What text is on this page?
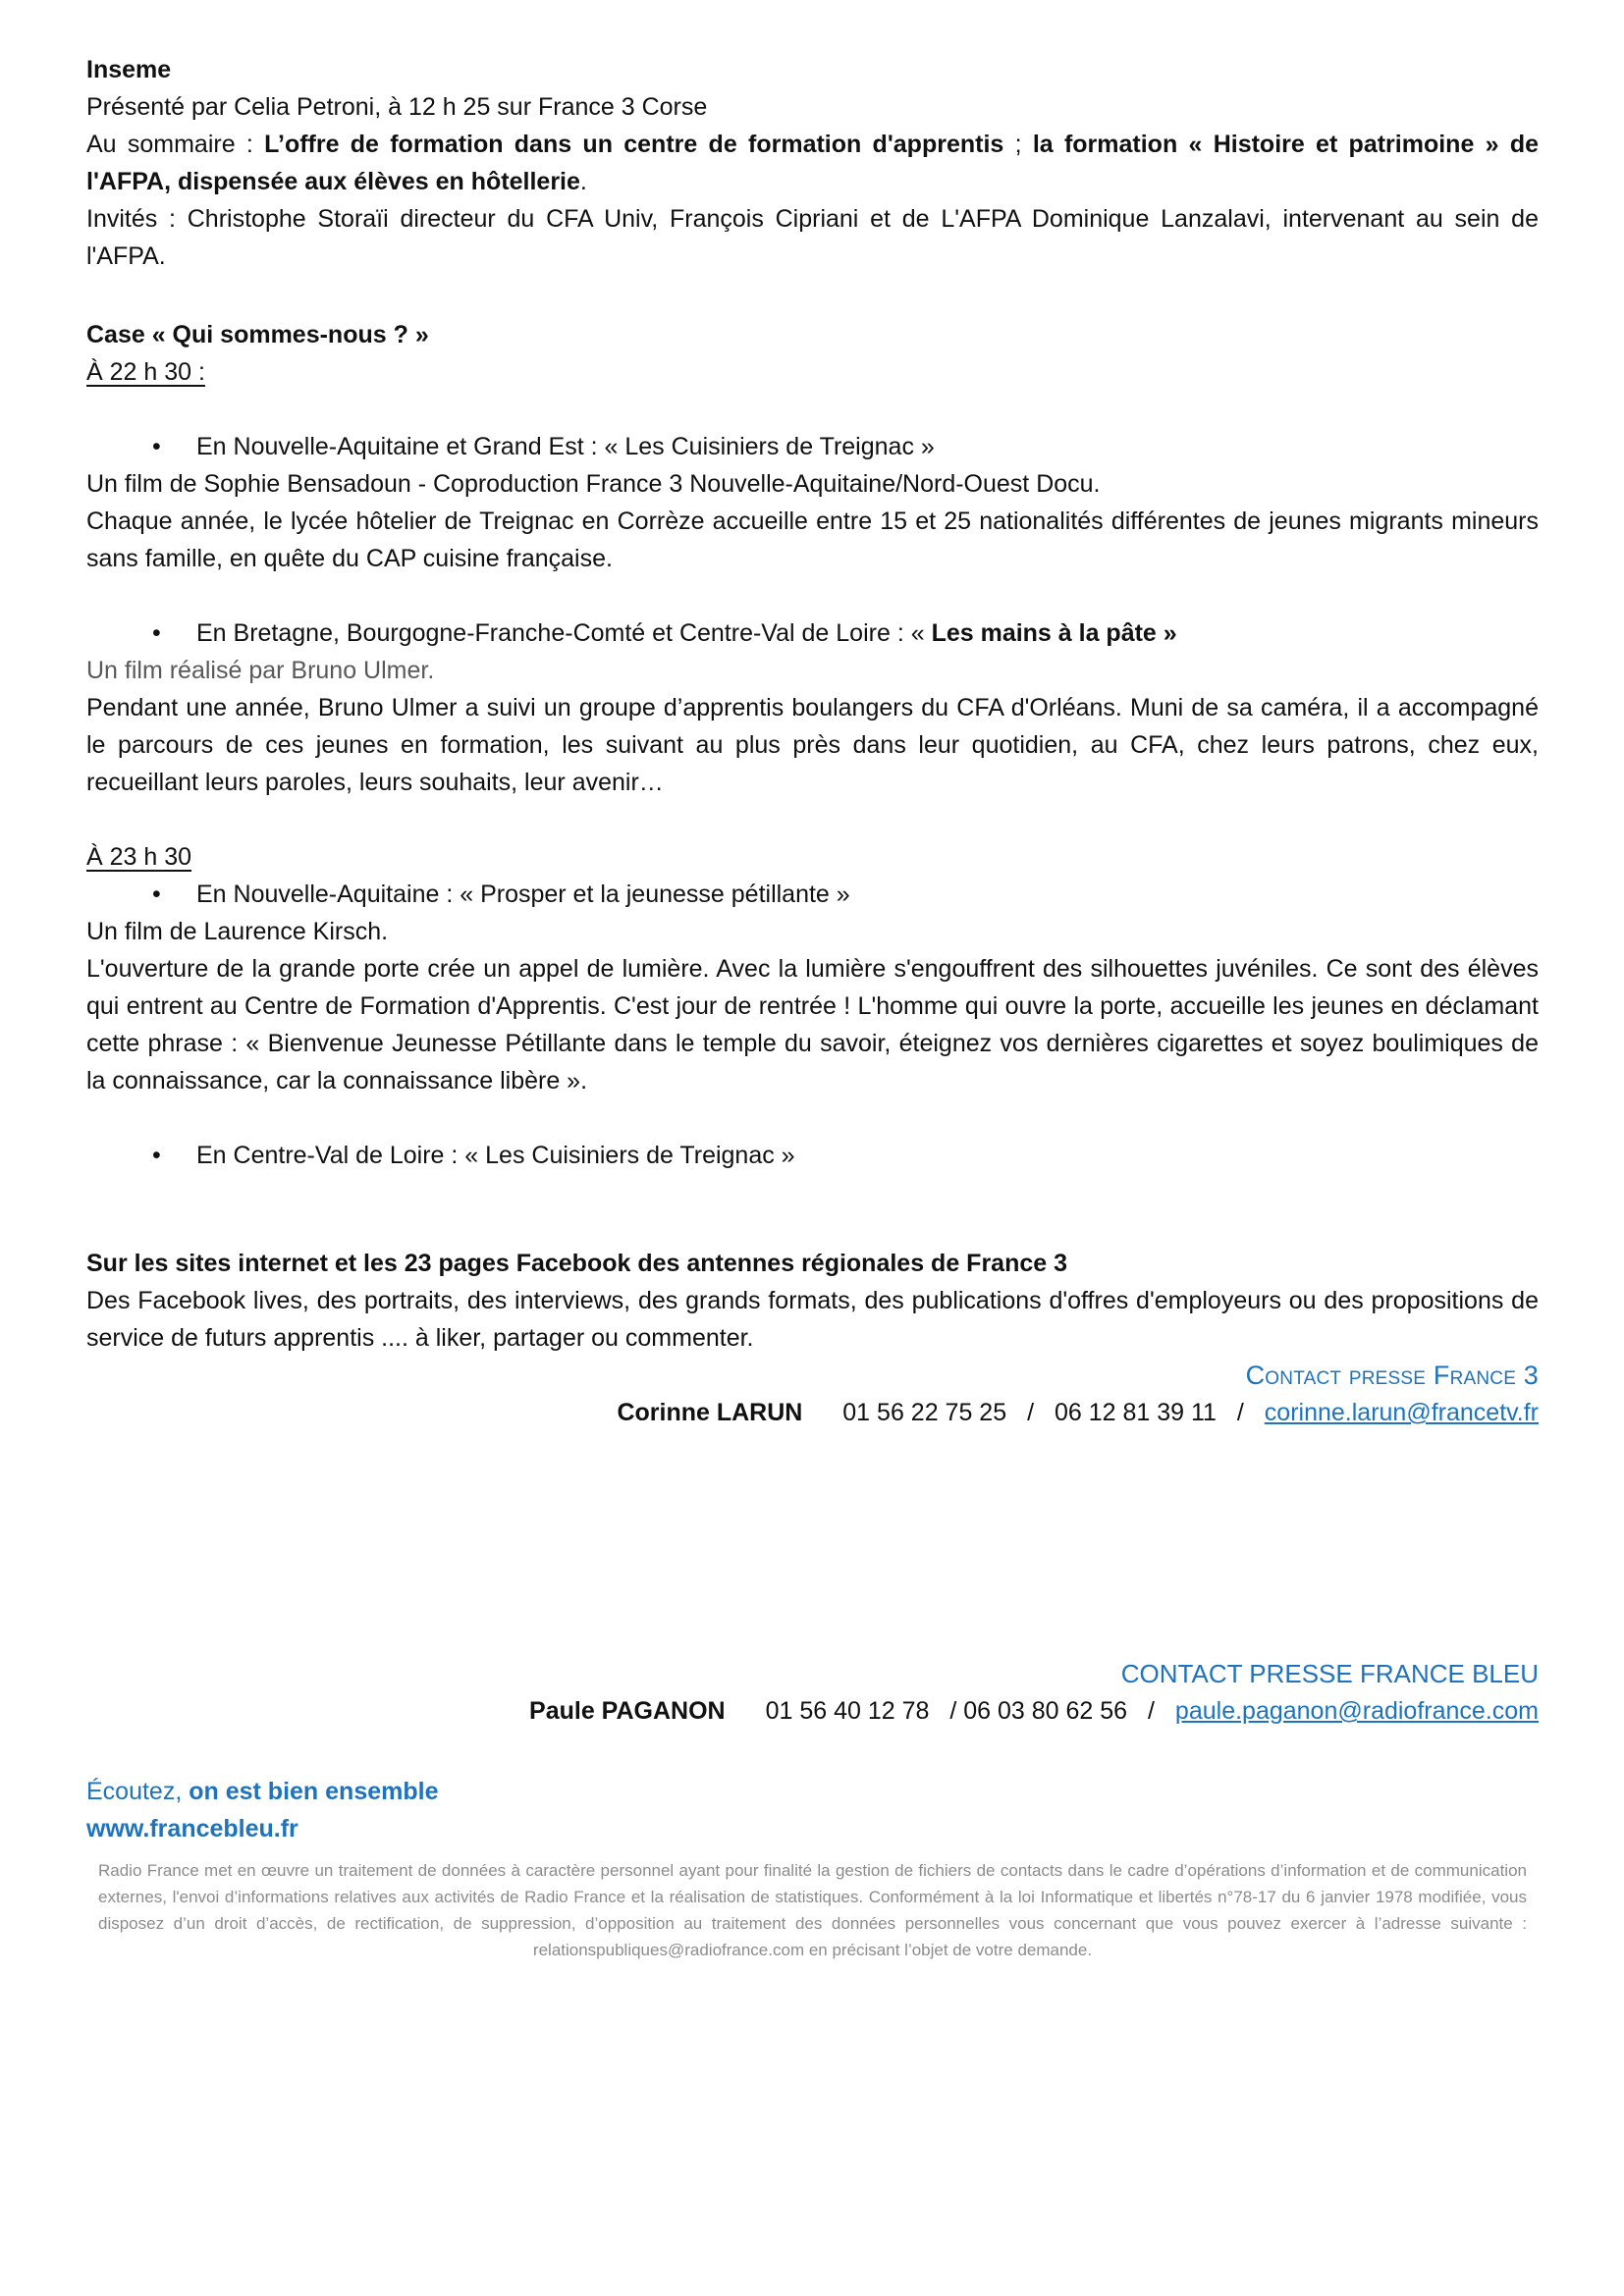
Inseme

Présenté par Celia Petroni, à 12 h 25 sur France 3 Corse

Au sommaire : L’offre de formation dans un centre de formation d'apprentis ; la formation « Histoire et patrimoine » de l'AFPA, dispensée aux élèves en hôtellerie.

Invités : Christophe Storaïi directeur du CFA Univ, François Cipriani et de L'AFPA Dominique Lanzalavi, intervenant au sein de l'AFPA.

Case « Qui sommes-nous ? »

À 22 h 30 :

• En Nouvelle-Aquitaine et Grand Est : « Les Cuisiniers de Treignac »

Un film de Sophie Bensadoun - Coproduction France 3 Nouvelle-Aquitaine/Nord-Ouest Docu.

Chaque année, le lycée hôtelier de Treignac en Corrèze accueille entre 15 et 25 nationalités différentes de jeunes migrants mineurs sans famille, en quête du CAP cuisine française.

• En Bretagne, Bourgogne-Franche-Comté et Centre-Val de Loire : « Les mains à la pâte »

Un film réalisé par Bruno Ulmer.

Pendant une année, Bruno Ulmer a suivi un groupe d’apprentis boulangers du CFA d'Orléans. Muni de sa caméra, il a accompagné le parcours de ces jeunes en formation, les suivant au plus près dans leur quotidien, au CFA, chez leurs patrons, chez eux, recueillant leurs paroles, leurs souhaits, leur avenir…

À 23 h 30

• En Nouvelle-Aquitaine : « Prosper et la jeunesse pétillante »

Un film de Laurence Kirsch.

L'ouverture de la grande porte crée un appel de lumière. Avec la lumière s'engouffrent des silhouettes juvéniles. Ce sont des élèves qui entrent au Centre de Formation d'Apprentis. C'est jour de rentrée ! L'homme qui ouvre la porte, accueille les jeunes en déclamant cette phrase : « Bienvenue Jeunesse Pétillante dans le temple du savoir, éteignez vos dernières cigarettes et soyez boulimiques de la connaissance, car la connaissance libère ».

• En Centre-Val de Loire : « Les Cuisiniers de Treignac »

Sur les sites internet et les 23 pages Facebook des antennes régionales de France 3

Des Facebook lives, des portraits, des interviews, des grands formats, des publications d'offres d'employeurs ou des propositions de service de futurs apprentis .... à liker, partager ou commenter.

Contact presse France 3

Corinne LARUN 01 56 22 75 25 / 06 12 81 39 11 / corinne.larun@francetv.fr

CONTACT PRESSE FRANCE BLEU

Paule PAGANON 01 56 40 12 78 / 06 03 80 62 56 / paule.paganon@radiofrance.com

Écoutez, on est bien ensemble

www.francebleu.fr

Radio France met en œuvre un traitement de données à caractère personnel ayant pour finalité la gestion de fichiers de contacts dans le cadre d’opérations d’information et de communication externes, l'envoi d’informations relatives aux activités de Radio France et la réalisation de statistiques. Conformément à la loi Informatique et libertés n°78-17 du 6 janvier 1978 modifiée, vous disposez d’un droit d’accès, de rectification, de suppression, d’opposition au traitement des données personnelles vous concernant que vous pouvez exercer à l’adresse suivante : relationspubliques@radiofrance.com en précisant l’objet de votre demande.
